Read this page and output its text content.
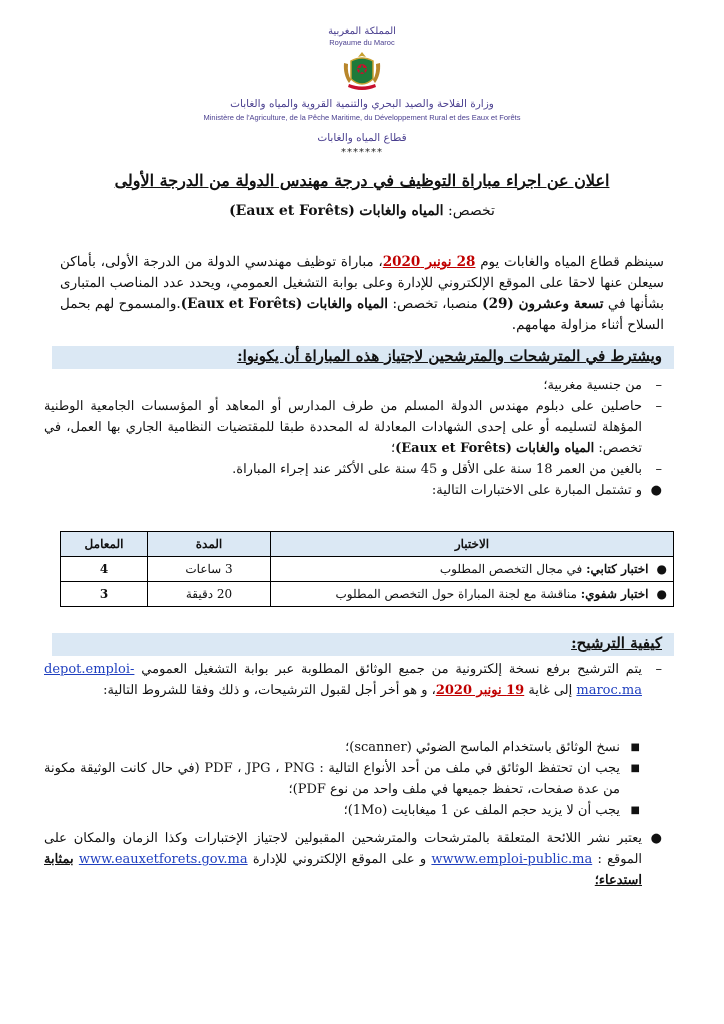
المملكة المغربية
Royaume du Maroc
وزارة الفلاحة والصيد البحري والتنمية القروية والمياه والغابات
Ministère de l'Agriculture, de la Pêche Maritime, du Développement Rural et des Eaux et Forêts
قطاع المياه والغابات
*******
اعلان عن اجراء مباراة التوظيف في درجة مهندس الدولة من الدرجة الأولى
تخصص: المياه والغابات (Eaux et Forêts)
سينظم قطاع المياه والغابات يوم 28 نونبر 2020، مباراة توظيف مهندسي الدولة من الدرجة الأولى، بأماكن سيعلن عنها لاحقا على الموقع الإلكتروني للإدارة وعلى بوابة التشغيل العمومي، ويحدد عدد المناصب المتبارى بشأنها في تسعة وعشرون (29) منصبا، تخصص: المياه والغابات (Eaux et Forêts).والمسموح لهم بحمل السلاح أثناء مزاولة مهامهم.
ويشترط في المترشحات والمترشحين لاجتياز هذه المباراة أن يكونوا:
–
من جنسية مغربية؛
–
حاصلين على دبلوم مهندس الدولة المسلم من طرف المدارس أو المعاهد أو المؤسسات الجامعية الوطنية المؤهلة لتسليمه أو على إحدى الشهادات المعادلة له المحددة طبقا للمقتضيات النظامية الجاري بها العمل، في تخصص: المياه والغابات (Eaux et Forêts)؛
–
بالغين من العمر 18 سنة على الأقل و 45 سنة على الأكثر عند إجراء المباراة.
●
و تشتمل المبارة على الاختبارات التالية:
الاختبار	المدة	المعامل
●اختبار كتابي: في مجال التخصص المطلوب	3 ساعات	4
●اختبار شفوي: مناقشة مع لجنة المباراة حول التخصص المطلوب	20 دقيقة	3
كيفية الترشيح:
–
يتم الترشيح برفع نسخة إلكترونية من جميع الوثائق المطلوبة عبر بوابة التشغيل العمومي depot.emploi-maroc.ma إلى غاية 19 نونبر 2020، و هو أخر أجل لقبول الترشيحات، و ذلك وفقا للشروط التالية:
■
نسخ الوثائق باستخدام الماسح الضوئي (scanner)؛
■
يجب ان تحتفظ الوثائق في ملف من أحد الأنواع التالية : PDF ، JPG ، PNG (في حال كانت الوثيقة مكونة من عدة صفحات، تحفظ جميعها في ملف واحد من نوع PDF)؛
■
يجب أن لا يزيد حجم الملف عن 1 ميغابايت (1Mo)؛
●
يعتبر نشر اللائحة المتعلقة بالمترشحات والمترشحين المقبولين لاجتياز الإختبارات وكذا الزمان والمكان على الموقع : wwww.emploi-public.ma و على الموقع الإلكتروني للإدارة www.eauxetforets.gov.ma بمثابة استدعاء؛
